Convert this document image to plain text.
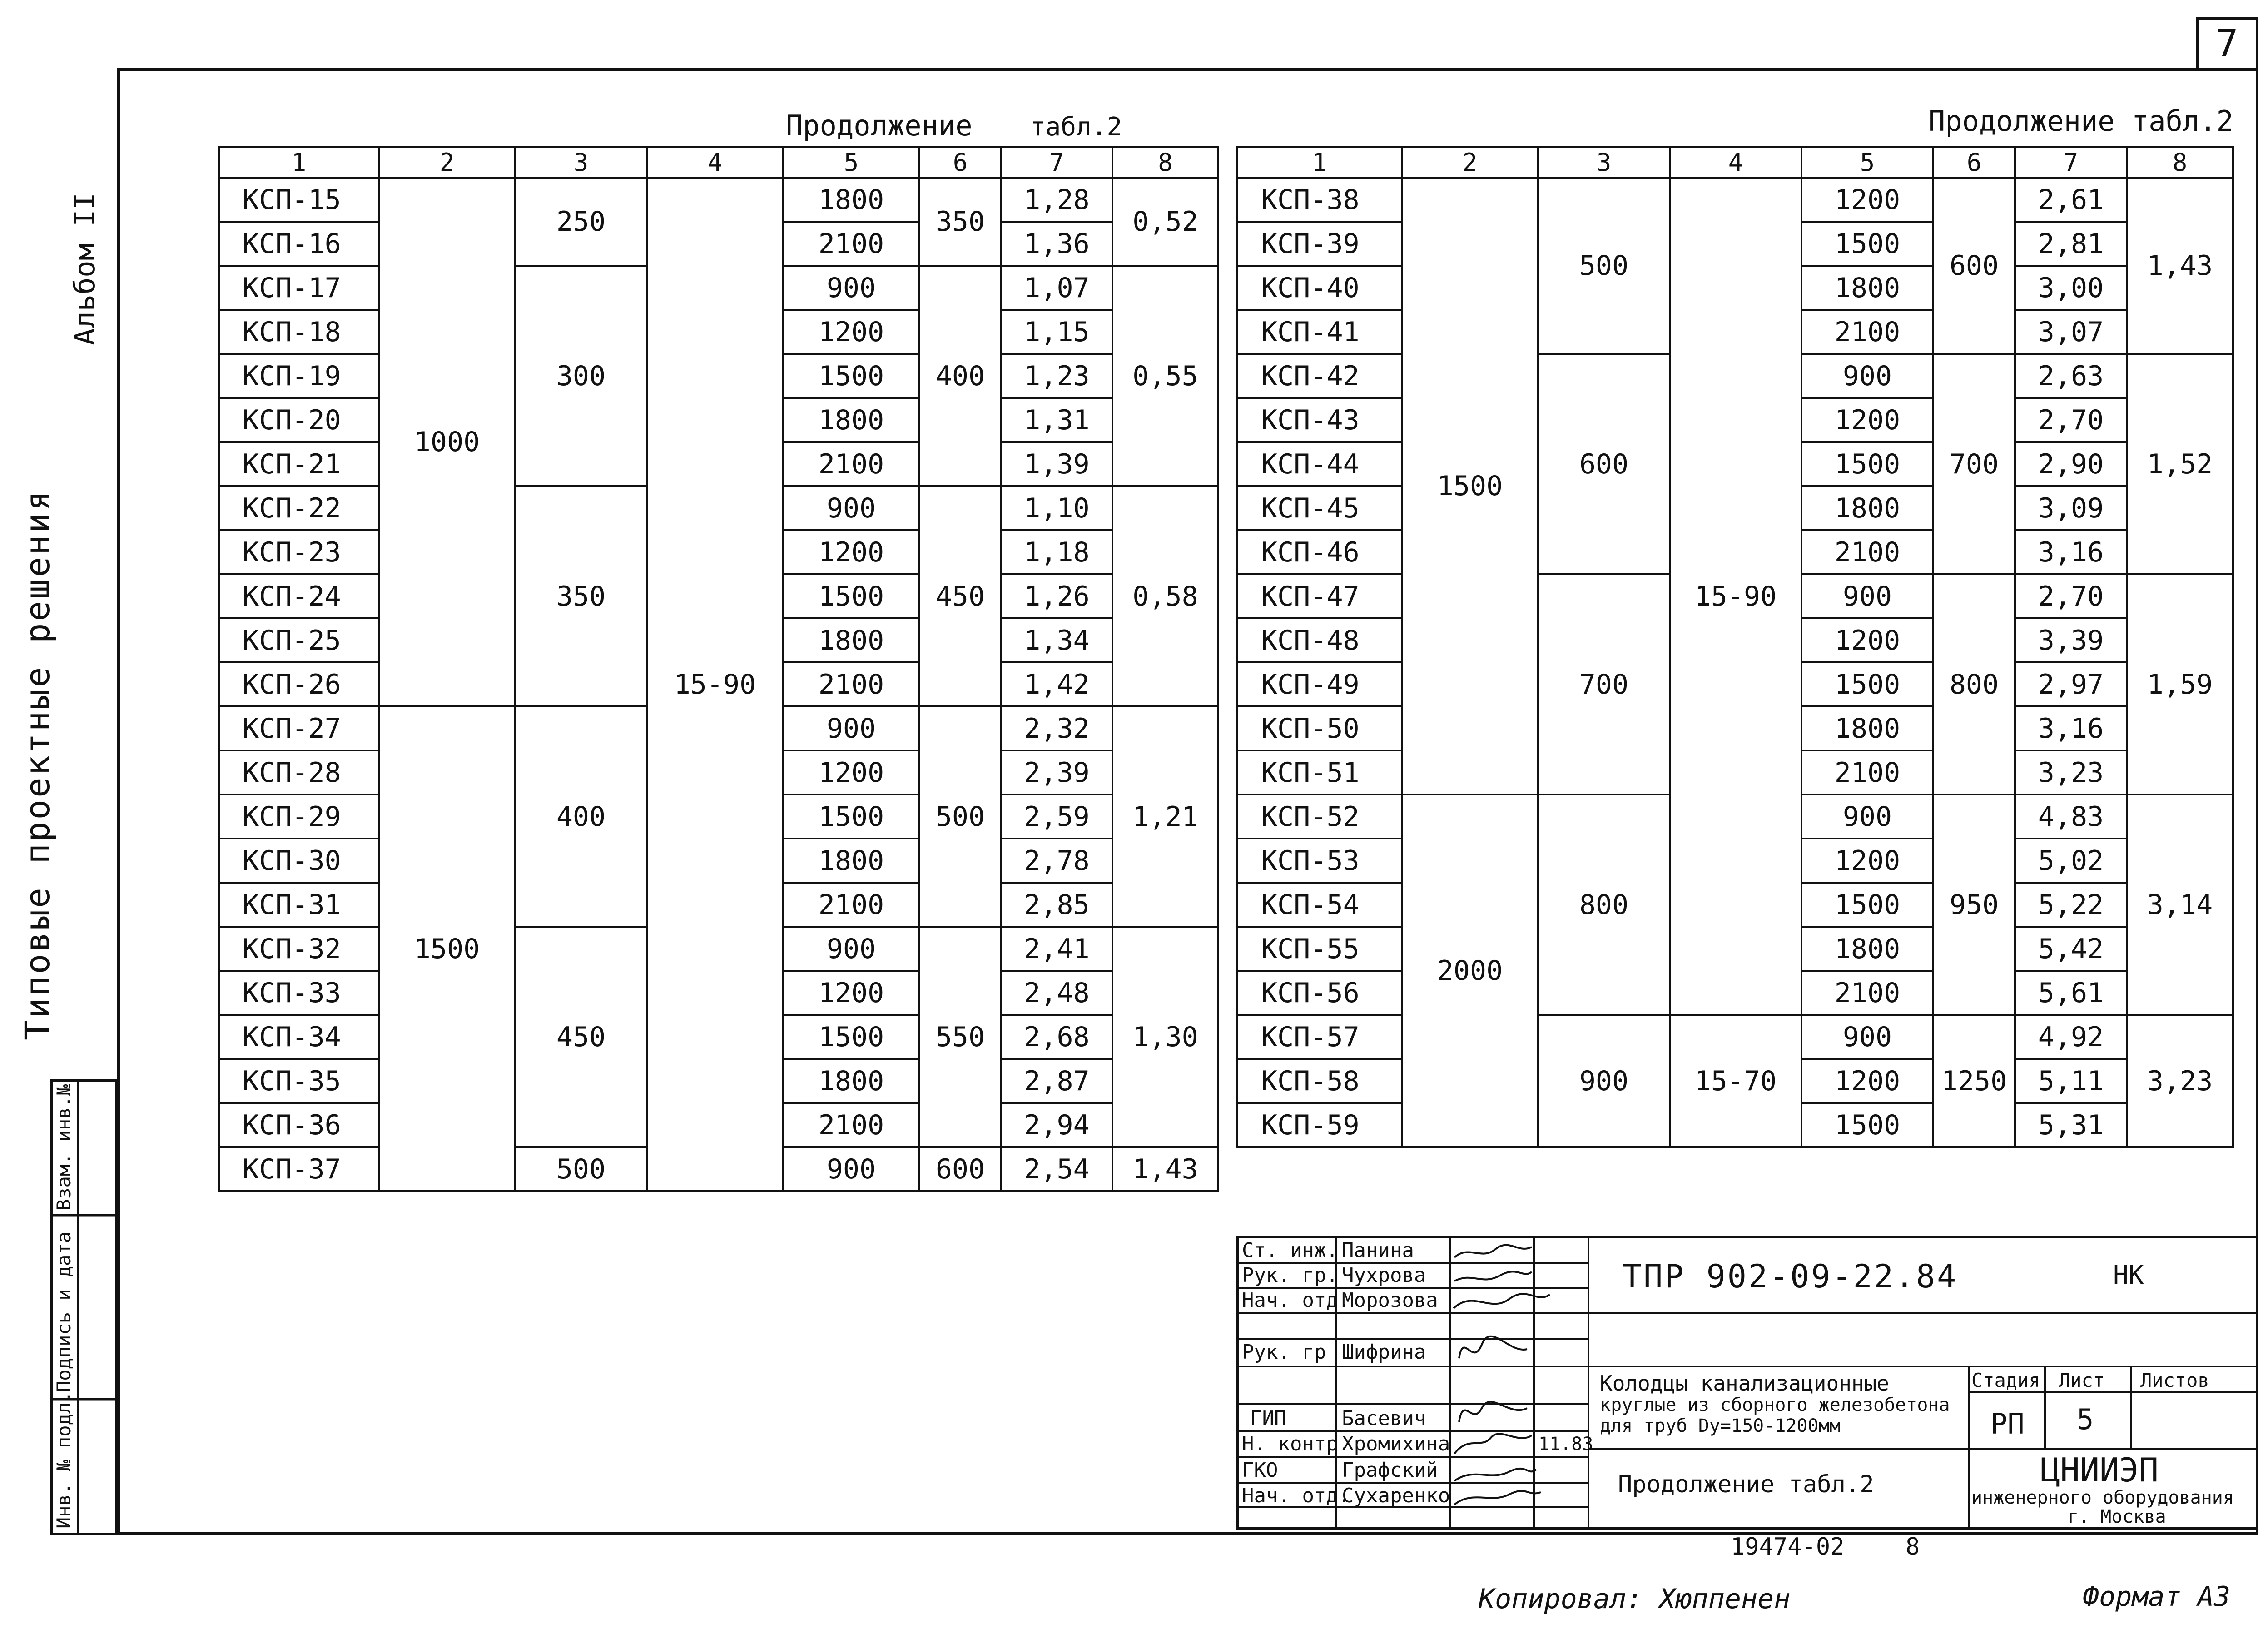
7
Альбом II
Типовые проектные решения
Инв. № подл.
Подпись и дата
Взам. инв.№
Продолжение табл.2
1	2	3	4	5	6	7	8
КСП-15	1000	250	15-90	1800	350	1,28	0,52
КСП-16				2100		1,36	
КСП-17		300		900	400	1,07	0,55
КСП-18				1200		1,15	
КСП-19				1500		1,23	
КСП-20				1800		1,31	
КСП-21				2100		1,39	
КСП-22		350		900	450	1,10	0,58
КСП-23				1200		1,18	
КСП-24				1500		1,26	
КСП-25				1800		1,34	
КСП-26				2100		1,42	
КСП-27	1500	400		900	500	2,32	1,21
КСП-28				1200		2,39	
КСП-29				1500		2,59	
КСП-30				1800		2,78	
КСП-31				2100		2,85	
КСП-32		450		900	550	2,41	1,30
КСП-33				1200		2,48	
КСП-34				1500		2,68	
КСП-35				1800		2,87	
КСП-36				2100		2,94	
КСП-37		500		900	600	2,54	1,43
Продолжение табл.2
1	2	3	4	5	6	7	8
КСП-38	1500	500	15-90	1200	600	2,61	1,43
КСП-39				1500		2,81	
КСП-40				1800		3,00	
КСП-41				2100		3,07	
КСП-42		600		900	700	2,63	1,52
КСП-43				1200		2,70	
КСП-44				1500		2,90	
КСП-45				1800		3,09	
КСП-46				2100		3,16	
КСП-47		700		900	800	2,70	1,59
КСП-48				1200		3,39	
КСП-49				1500		2,97	
КСП-50				1800		3,16	
КСП-51				2100		3,23	
КСП-52	2000	800		900	950	4,83	3,14
КСП-53				1200		5,02	
КСП-54				1500		5,22	
КСП-55				1800		5,42	
КСП-56				2100		5,61	
КСП-57		900	15-70	900	1250	4,92	3,23
КСП-58				1200		5,11	
КСП-59				1500		5,31	
Ст. инж.
Рук. гр.
Нач. отд.
Рук. гр
ГИП
Н. контр.
ГКО
Нач. отд.
Панина
Чухрова
Морозова
Шифрина
Басевич
Хромихина
Графский
Сухаренко
11.83
ТПР 902-09-22.84	НК
Колодцы канализационные
круглые из сборного железобетона
для труб Dy=150-1200мм
Продолжение табл.2
Стадия Лист Листов
РП 5
ЦНИИЭП
инженерного оборудования
г. Москва
19474-02	8
Копировал: Хюппенен	Формат А3
